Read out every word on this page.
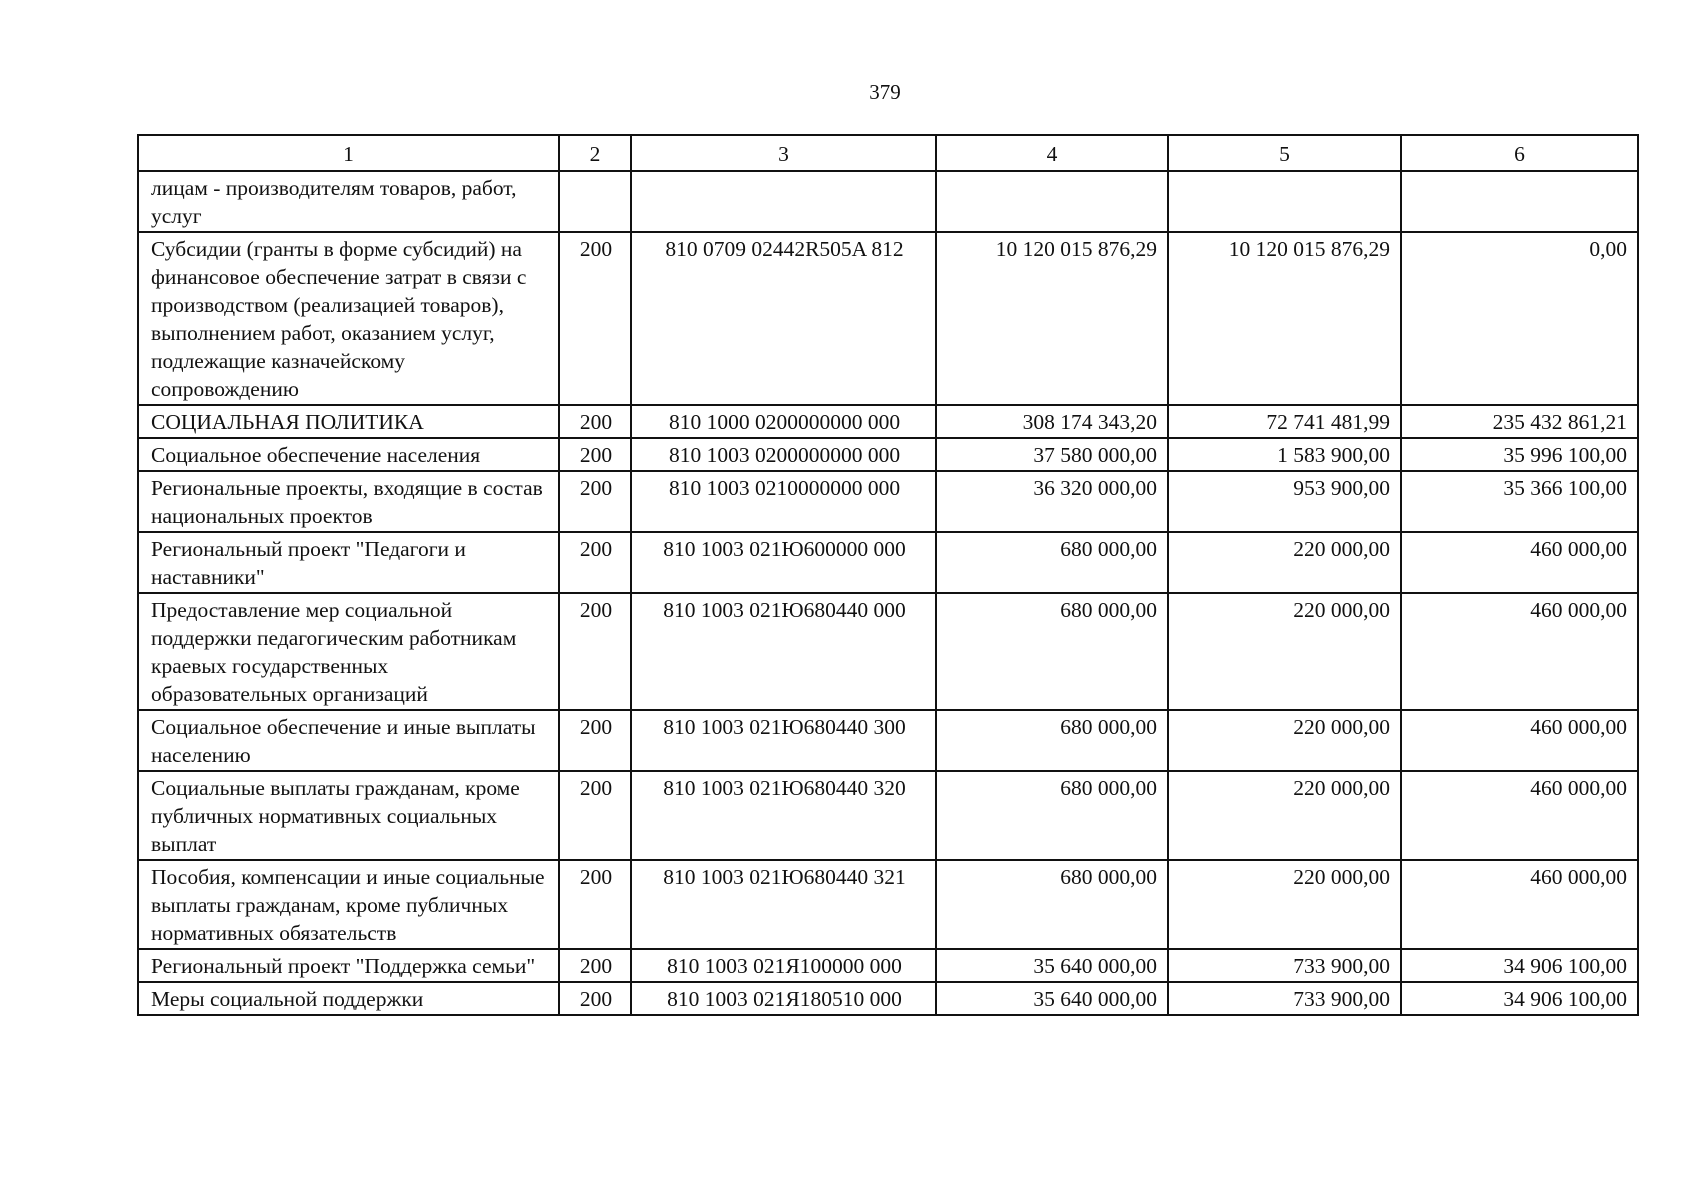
379
1	2	3	4	5	6
лицам - производителям товаров, работ, услуг					
Субсидии (гранты в форме субсидий) на финансовое обеспечение затрат в связи с производством (реализацией товаров), выполнением работ, оказанием услуг, подлежащие казначейскому сопровождению	200	810 0709 02442R505A 812	10 120 015 876,29	10 120 015 876,29	0,00
СОЦИАЛЬНАЯ ПОЛИТИКА	200	810 1000 0200000000 000	308 174 343,20	72 741 481,99	235 432 861,21
Социальное обеспечение населения	200	810 1003 0200000000 000	37 580 000,00	1 583 900,00	35 996 100,00
Региональные проекты, входящие в состав национальных проектов	200	810 1003 0210000000 000	36 320 000,00	953 900,00	35 366 100,00
Региональный проект "Педагоги и наставники"	200	810 1003 021Ю600000 000	680 000,00	220 000,00	460 000,00
Предоставление мер социальной поддержки педагогическим работникам краевых государственных образовательных организаций	200	810 1003 021Ю680440 000	680 000,00	220 000,00	460 000,00
Социальное обеспечение и иные выплаты населению	200	810 1003 021Ю680440 300	680 000,00	220 000,00	460 000,00
Социальные выплаты гражданам, кроме публичных нормативных социальных выплат	200	810 1003 021Ю680440 320	680 000,00	220 000,00	460 000,00
Пособия, компенсации и иные социальные выплаты гражданам, кроме публичных нормативных обязательств	200	810 1003 021Ю680440 321	680 000,00	220 000,00	460 000,00
Региональный проект "Поддержка семьи"	200	810 1003 021Я100000 000	35 640 000,00	733 900,00	34 906 100,00
Меры социальной поддержки	200	810 1003 021Я180510 000	35 640 000,00	733 900,00	34 906 100,00
